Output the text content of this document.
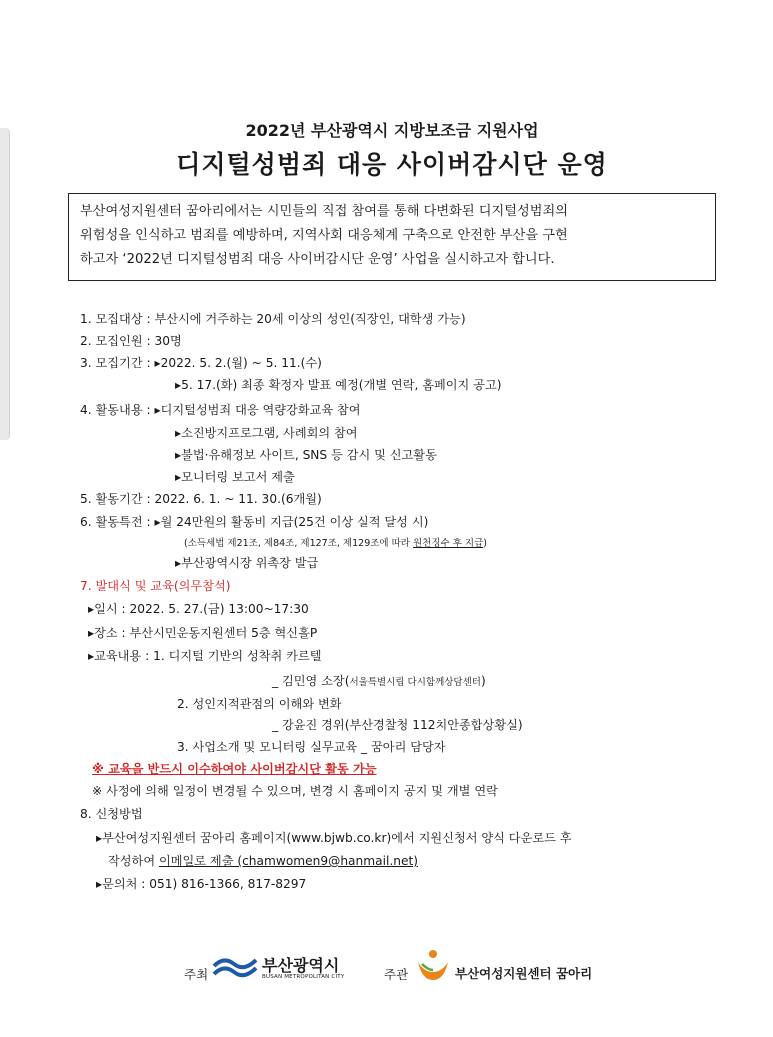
2022년 부산광역시 지방보조금 지원사업
디지털성범죄 대응 사이버감시단 운영
부산여성지원센터 꿈아리에서는 시민들의 직접 참여를 통해 다변화된 디지털성범죄의
위험성을 인식하고 범죄를 예방하며, 지역사회 대응체계 구축으로 안전한 부산을 구현
하고자 ‘2022년 디지털성범죄 대응 사이버감시단 운영’ 사업을 실시하고자 합니다.
1. 모집대상 : 부산시에 거주하는 20세 이상의 성인(직장인, 대학생 가능)
2. 모집인원 : 30명
3. 모집기간 : ▸2022. 5. 2.(월) ~ 5. 11.(수)
▸5. 17.(화) 최종 확정자 발표 예정(개별 연락, 홈페이지 공고)
4. 활동내용 : ▸디지털성범죄 대응 역량강화교육 참여
▸소진방지프로그램, 사례회의 참여
▸불법·유해정보 사이트, SNS 등 감시 및 신고활동
▸모니터링 보고서 제출
5. 활동기간 : 2022. 6. 1. ~ 11. 30.(6개월)
6. 활동특전 : ▸월 24만원의 활동비 지급(25건 이상 실적 달성 시)
(소득세법 제21조, 제84조, 제127조, 제129조에 따라 원천징수 후 지급)
▸부산광역시장 위촉장 발급
7. 발대식 및 교육(의무참석)
▸일시 : 2022. 5. 27.(금) 13:00~17:30
▸장소 : 부산시민운동지원센터 5층 혁신홀P
▸교육내용 : 1. 디지털 기반의 성착취 카르텔
_ 김민영 소장(서울특별시립 다시함께상담센터)
2. 성인지적관점의 이해와 변화
_ 강윤진 경위(부산경찰청 112치안종합상황실)
3. 사업소개 및 모니터링 실무교육 _ 꿈아리 담당자
※ 교육을 반드시 이수하여야 사이버감시단 활동 가능
※ 사정에 의해 일정이 변경될 수 있으며, 변경 시 홈페이지 공지 및 개별 연락
8. 신청방법
▸부산여성지원센터 꿈아리 홈페이지(www.bjwb.co.kr)에서 지원신청서 양식 다운로드 후
작성하여 이메일로 제출 (chamwomen9@hanmail.net)
▸문의처 : 051) 816-1366, 817-8297
주최	부산광역시
BUSAN METROPOLITAN CITY	주관	부산여성지원센터 꿈아리
